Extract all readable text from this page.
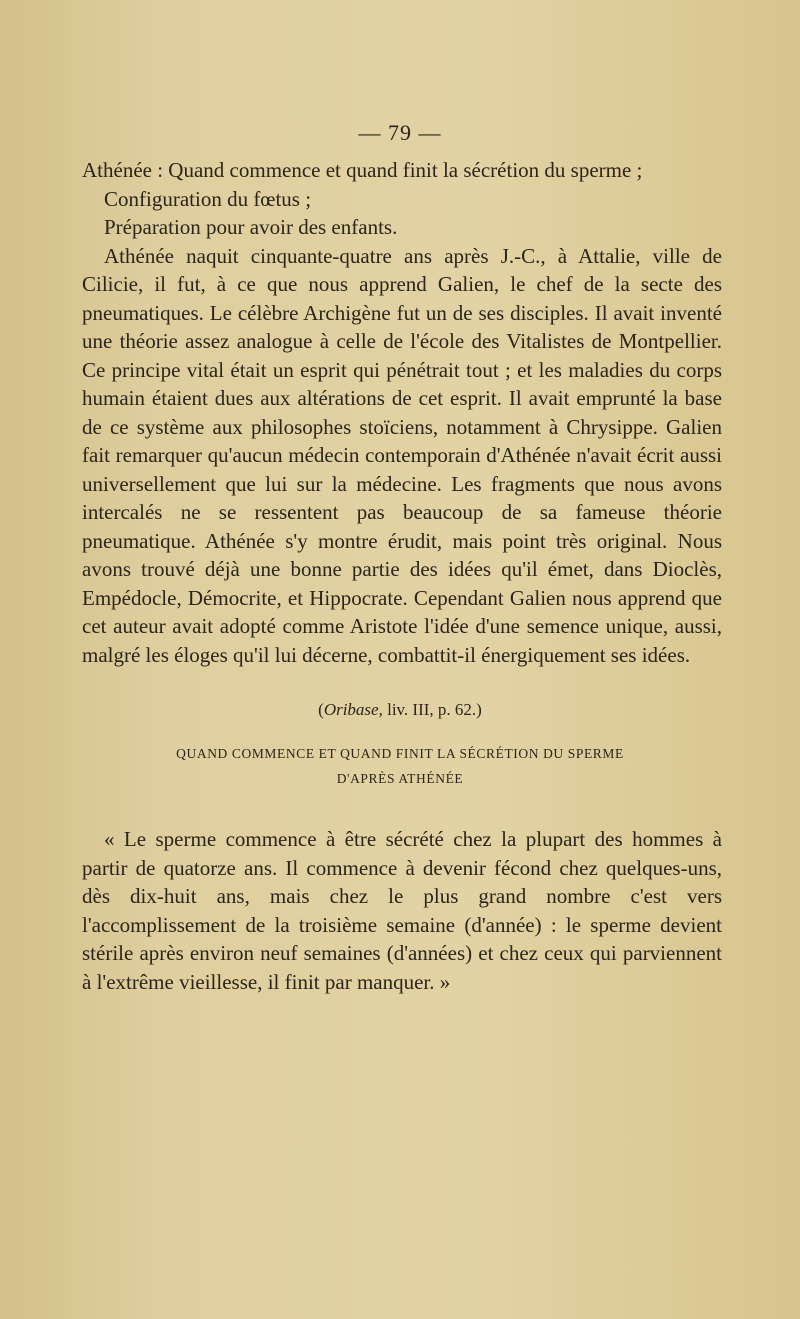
— 79 —

Athénée : Quand commence et quand finit la sécrétion du sperme ;

Configuration du fœtus ;

Préparation pour avoir des enfants.

Athénée naquit cinquante-quatre ans après J.-C., à Attalie, ville de Cilicie, il fut, à ce que nous apprend Galien, le chef de la secte des pneumatiques. Le célèbre Archigène fut un de ses disciples. Il avait inventé une théorie assez analogue à celle de l'école des Vitalistes de Montpellier. Ce principe vital était un esprit qui pénétrait tout ; et les maladies du corps humain étaient dues aux altérations de cet esprit. Il avait emprunté la base de ce système aux philosophes stoïciens, notamment à Chrysippe. Galien fait remarquer qu'aucun médecin contemporain d'Athénée n'avait écrit aussi universellement que lui sur la médecine. Les fragments que nous avons intercalés ne se ressentent pas beaucoup de sa fameuse théorie pneumatique. Athénée s'y montre érudit, mais point très original. Nous avons trouvé déjà une bonne partie des idées qu'il émet, dans Dioclès, Empédocle, Démocrite, et Hippocrate. Cependant Galien nous apprend que cet auteur avait adopté comme Aristote l'idée d'une semence unique, aussi, malgré les éloges qu'il lui décerne, combattit-il énergiquement ses idées.

(Oribase, liv. III, p. 62.)
QUAND COMMENCE ET QUAND FINIT LA SÉCRÉTION DU SPERME
D'APRÈS ATHÉNÉE

« Le sperme commence à être sécrété chez la plupart des hommes à partir de quatorze ans. Il commence à devenir fécond chez quelques-uns, dès dix-huit ans, mais chez le plus grand nombre c'est vers l'accomplissement de la troisième semaine (d'année) : le sperme devient stérile après environ neuf semaines (d'années) et chez ceux qui parviennent à l'extrême vieillesse, il finit par manquer. »
